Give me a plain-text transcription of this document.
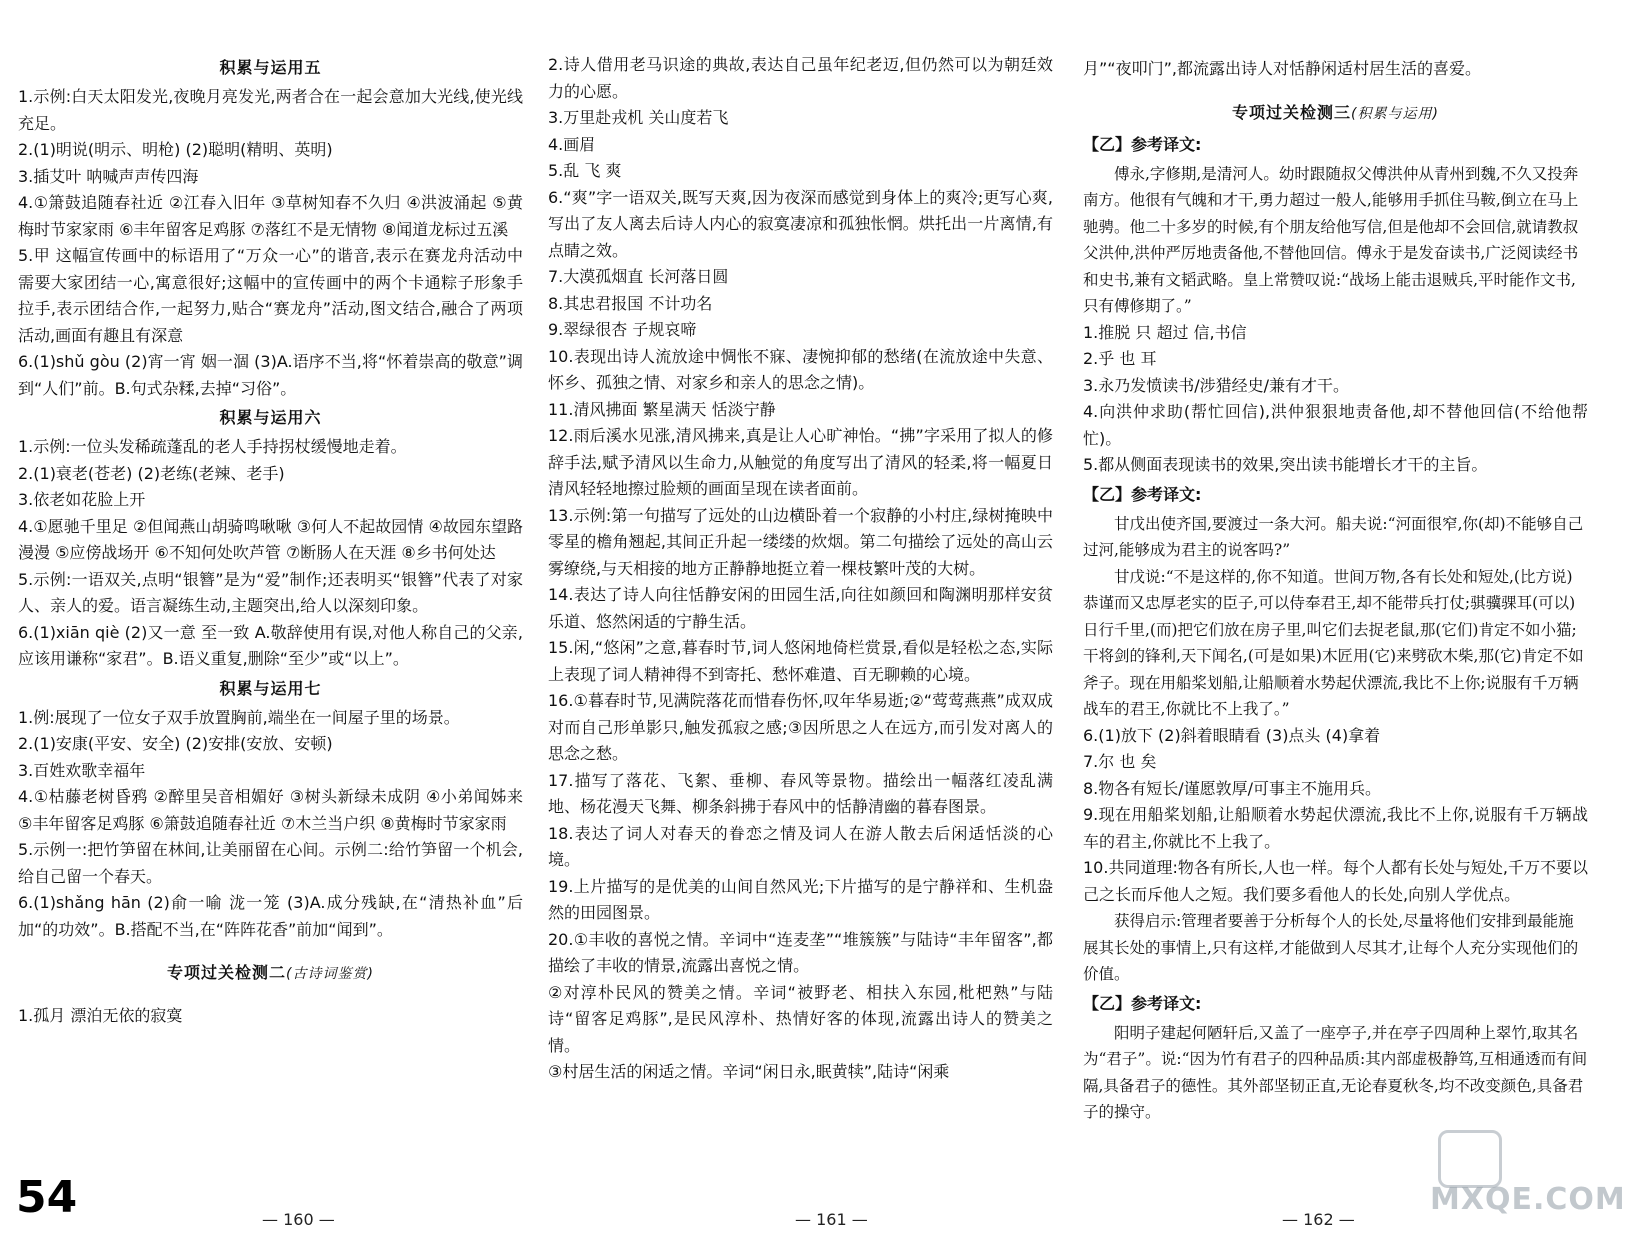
积累与运用五

1.示例:白天太阳发光,夜晚月亮发光,两者合在一起会意加大光线,使光线充足。

2.(1)明说(明示、明枪) (2)聪明(精明、英明)

3.插艾叶 呐喊声声传四海

4.①箫鼓追随春社近 ②江春入旧年 ③草树知春不久归 ④洪波涌起 ⑤黄梅时节家家雨 ⑥丰年留客足鸡豚 ⑦落红不是无情物 ⑧闻道龙标过五溪

5.甲 这幅宣传画中的标语用了“万众一心”的谐音,表示在赛龙舟活动中需要大家团结一心,寓意很好;这幅中的宣传画中的两个卡通粽子形象手拉手,表示团结合作,一起努力,贴合“赛龙舟”活动,图文结合,融合了两项活动,画面有趣且有深意

6.(1)shǔ gòu (2)宵一宵 姻一涸 (3)A.语序不当,将“怀着崇高的敬意”调到“人们”前。B.句式杂糅,去掉“习俗”。

积累与运用六

1.示例:一位头发稀疏蓬乱的老人手持拐杖缓慢地走着。

2.(1)衰老(苍老) (2)老练(老辣、老手)

3.依老如花脸上开

4.①愿驰千里足 ②但闻燕山胡骑鸣啾啾 ③何人不起故园情 ④故园东望路漫漫 ⑤应傍战场开 ⑥不知何处吹芦管 ⑦断肠人在天涯 ⑧乡书何处达

5.示例:一语双关,点明“银簪”是为“爱”制作;还表明买“银簪”代表了对家人、亲人的爱。语言凝练生动,主题突出,给人以深刻印象。

6.(1)xiān qiè (2)又一意 至一致 A.敬辞使用有误,对他人称自己的父亲,应该用谦称“家君”。B.语义重复,删除“至少”或“以上”。

积累与运用七

1.例:展现了一位女子双手放置胸前,端坐在一间屋子里的场景。

2.(1)安康(平安、安全) (2)安排(安放、安顿)

3.百姓欢歌幸福年

4.①枯藤老树昏鸦 ②醉里吴音相媚好 ③树头新绿未成阴 ④小弟闻姊来 ⑤丰年留客足鸡豚 ⑥箫鼓追随春社近 ⑦木兰当户织 ⑧黄梅时节家家雨

5.示例一:把竹笋留在林间,让美丽留在心间。示例二:给竹笋留一个机会,给自己留一个春天。

6.(1)shǎng hān (2)俞一喻 泷一笼 (3)A.成分残缺,在“清热补血”后加“的功效”。B.搭配不当,在“阵阵花香”前加“闻到”。

专项过关检测二(古诗词鉴赏)

1.孤月 漂泊无依的寂寞

2.诗人借用老马识途的典故,表达自己虽年纪老迈,但仍然可以为朝廷效力的心愿。

3.万里赴戎机 关山度若飞

4.画眉

5.乱 飞 爽

6.“爽”字一语双关,既写天爽,因为夜深而感觉到身体上的爽冷;更写心爽,写出了友人离去后诗人内心的寂寞凄凉和孤独怅惘。烘托出一片离情,有点睛之效。

7.大漠孤烟直 长河落日圆

8.其忠君报国 不计功名

9.翠绿很杏 子规哀啼

10.表现出诗人流放途中惆怅不寐、凄惋抑郁的愁绪(在流放途中失意、怀乡、孤独之情、对家乡和亲人的思念之情)。

11.清风拂面 繁星满天 恬淡宁静

12.雨后溪水见涨,清风拂来,真是让人心旷神怡。“拂”字采用了拟人的修辞手法,赋予清风以生命力,从触觉的角度写出了清风的轻柔,将一幅夏日清风轻轻地擦过脸颊的画面呈现在读者面前。

13.示例:第一句描写了远处的山边横卧着一个寂静的小村庄,绿树掩映中零星的檐角翘起,其间正升起一缕缕的炊烟。第二句描绘了远处的高山云雾缭绕,与天相接的地方正静静地挺立着一棵枝繁叶茂的大树。

14.表达了诗人向往恬静安闲的田园生活,向往如颜回和陶渊明那样安贫乐道、悠然闲适的宁静生活。

15.闲,“悠闲”之意,暮春时节,词人悠闲地倚栏赏景,看似是轻松之态,实际上表现了词人精神得不到寄托、愁怀难遣、百无聊赖的心境。

16.①暮春时节,见满院落花而惜春伤怀,叹年华易逝;②“莺莺燕燕”成双成对而自己形单影只,触发孤寂之感;③因所思之人在远方,而引发对离人的思念之愁。

17.描写了落花、飞絮、垂柳、春风等景物。描绘出一幅落红凌乱满地、杨花漫天飞舞、柳条斜拂于春风中的恬静清幽的暮春图景。

18.表达了词人对春天的眷恋之情及词人在游人散去后闲适恬淡的心境。

19.上片描写的是优美的山间自然风光;下片描写的是宁静祥和、生机盎然的田园图景。

20.①丰收的喜悦之情。辛词中“连麦垄”“堆簇簇”与陆诗“丰年留客”,都描绘了丰收的情景,流露出喜悦之情。

②对淳朴民风的赞美之情。辛词“被野老、相扶入东园,枇杷熟”与陆诗“留客足鸡豚”,是民风淳朴、热情好客的体现,流露出诗人的赞美之情。

③村居生活的闲适之情。辛词“闲日永,眠黄犊”,陆诗“闲乘

月”“夜叩门”,都流露出诗人对恬静闲适村居生活的喜爱。

专项过关检测三(积累与运用)
【乙】参考译文:

傅永,字修期,是清河人。幼时跟随叔父傅洪仲从青州到魏,不久又投奔南方。他很有气魄和才干,勇力超过一般人,能够用手抓住马鞍,倒立在马上驰骋。他二十多岁的时候,有个朋友给他写信,但是他却不会回信,就请教叔父洪仲,洪仲严厉地责备他,不替他回信。傅永于是发奋读书,广泛阅读经书和史书,兼有文韬武略。皇上常赞叹说:“战场上能击退贼兵,平时能作文书,只有傅修期了。”

1.推脱 只 超过 信,书信

2.乎 也 耳

3.永乃发愤读书/涉猎经史/兼有才干。

4.向洪仲求助(帮忙回信),洪仲狠狠地责备他,却不替他回信(不给他帮忙)。

5.都从侧面表现读书的效果,突出读书能增长才干的主旨。

【乙】参考译文:

甘戊出使齐国,要渡过一条大河。船夫说:“河面很窄,你(却)不能够自己过河,能够成为君主的说客吗?”

甘戊说:“不是这样的,你不知道。世间万物,各有长处和短处,(比方说)恭谨而又忠厚老实的臣子,可以侍奉君王,却不能带兵打仗;骐骥骒耳(可以)日行千里,(而)把它们放在房子里,叫它们去捉老鼠,那(它们)肯定不如小猫;干将剑的锋利,天下闻名,(可是如果)木匠用(它)来劈砍木柴,那(它)肯定不如斧子。现在用船桨划船,让船顺着水势起伏漂流,我比不上你;说服有千万辆战车的君王,你就比不上我了。”

6.(1)放下 (2)斜着眼睛看 (3)点头 (4)拿着

7.尔 也 矣

8.物各有短长/谨愿敦厚/可事主不施用兵。

9.现在用船桨划船,让船顺着水势起伏漂流,我比不上你,说服有千万辆战车的君主,你就比不上我了。

10.共同道理:物各有所长,人也一样。每个人都有长处与短处,千万不要以己之长而斥他人之短。我们要多看他人的长处,向别人学优点。

获得启示:管理者要善于分析每个人的长处,尽量将他们安排到最能施展其长处的事情上,只有这样,才能做到人尽其才,让每个人充分实现他们的价值。

【乙】参考译文:

阳明子建起何陋轩后,又盖了一座亭子,并在亭子四周种上翠竹,取其名为“君子”。说:“因为竹有君子的四种品质:其内部虚极静笃,互相通透而有间隔,具备君子的德性。其外部坚韧正直,无论春夏秋冬,均不改变颜色,具备君子的操守。

— 160 —	— 161 —	— 162 —
54	MXQE.COM
